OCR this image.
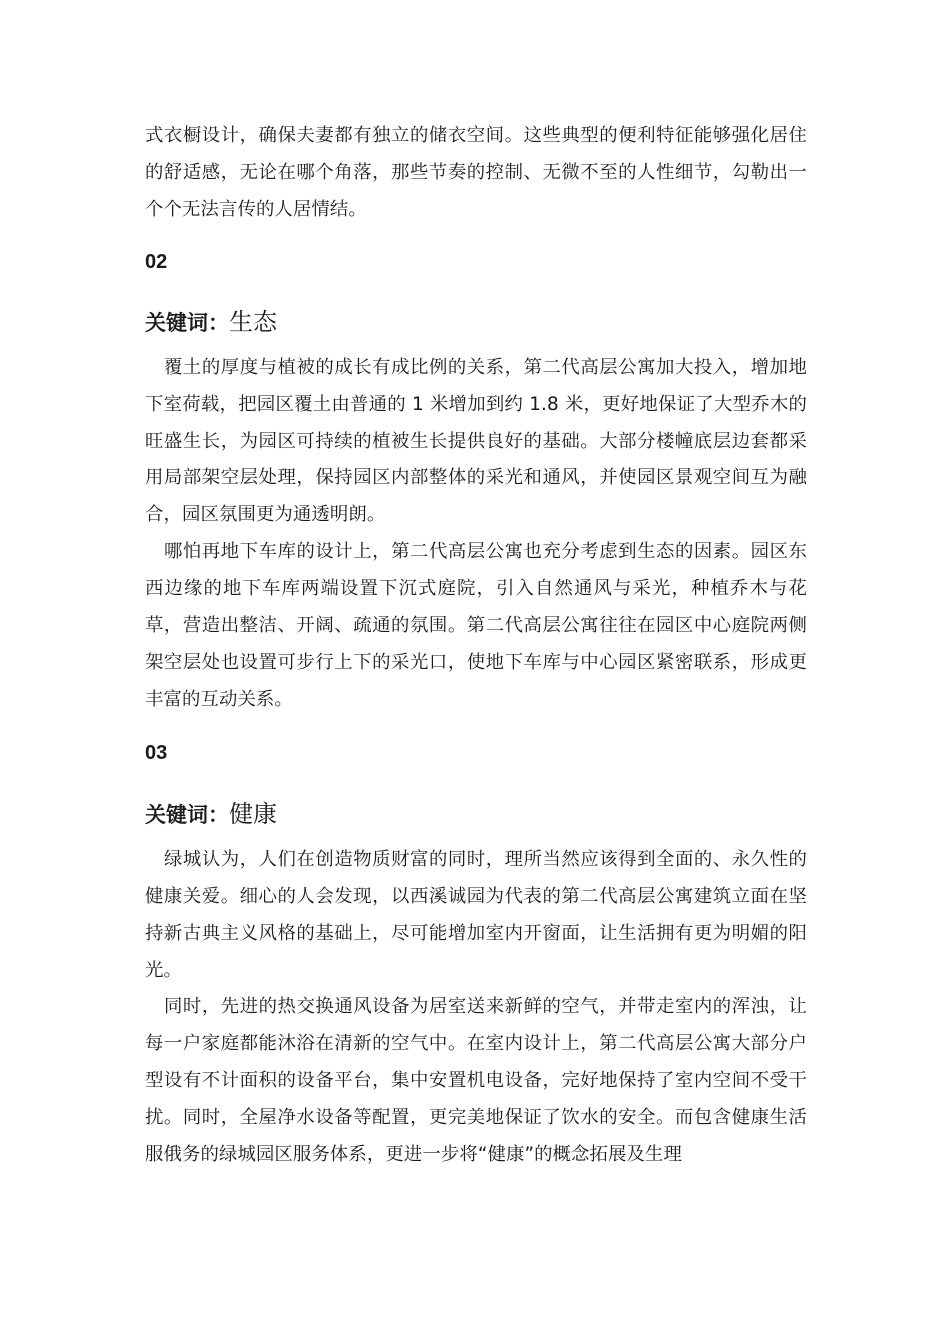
式衣橱设计，确保夫妻都有独立的储衣空间。这些典型的便利特征能够强化居住的舒适感，无论在哪个角落，那些节奏的控制、无微不至的人性细节，勾勒出一个个无法言传的人居情结。

02
关键词：生态

覆土的厚度与植被的成长有成比例的关系，第二代高层公寓加大投入，增加地下室荷载，把园区覆土由普通的 1 米增加到约 1.8 米，更好地保证了大型乔木的旺盛生长，为园区可持续的植被生长提供良好的基础。大部分楼幢底层边套都采用局部架空层处理，保持园区内部整体的采光和通风，并使园区景观空间互为融合，园区氛围更为通透明朗。

哪怕再地下车库的设计上，第二代高层公寓也充分考虑到生态的因素。园区东西边缘的地下车库两端设置下沉式庭院，引入自然通风与采光，种植乔木与花草，营造出整洁、开阔、疏通的氛围。第二代高层公寓往往在园区中心庭院两侧架空层处也设置可步行上下的采光口，使地下车库与中心园区紧密联系，形成更丰富的互动关系。

03
关键词：健康

绿城认为，人们在创造物质财富的同时，理所当然应该得到全面的、永久性的健康关爱。细心的人会发现，以西溪诚园为代表的第二代高层公寓建筑立面在坚持新古典主义风格的基础上，尽可能增加室内开窗面，让生活拥有更为明媚的阳光。

同时，先进的热交换通风设备为居室送来新鲜的空气，并带走室内的浑浊，让每一户家庭都能沐浴在清新的空气中。在室内设计上，第二代高层公寓大部分户型设有不计面积的设备平台，集中安置机电设备，完好地保持了室内空间不受干扰。同时，全屋净水设备等配置，更完美地保证了饮水的安全。而包含健康生活服俄务的绿城园区服务体系，更进一步将“健康”的概念拓展及生理
